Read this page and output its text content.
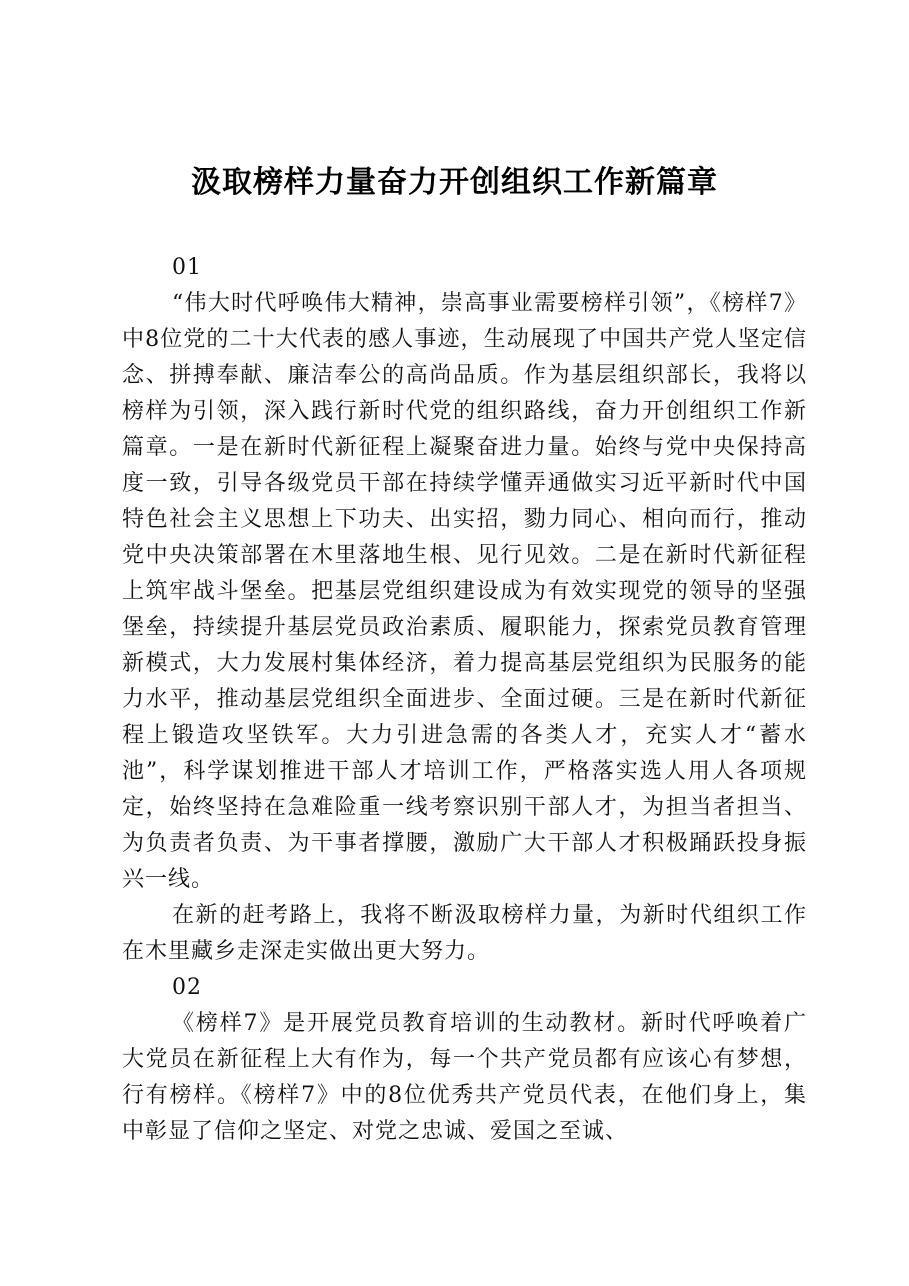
汲取榜样力量奋力开创组织工作新篇章

01

“伟大时代呼唤伟大精神，崇高事业需要榜样引领”，《榜样7》中8位党的二十大代表的感人事迹，生动展现了中国共产党人坚定信念、拼搏奉献、廉洁奉公的高尚品质。作为基层组织部长，我将以榜样为引领，深入践行新时代党的组织路线，奋力开创组织工作新篇章。一是在新时代新征程上凝聚奋进力量。始终与党中央保持高度一致，引导各级党员干部在持续学懂弄通做实习近平新时代中国特色社会主义思想上下功夫、出实招，勠力同心、相向而行，推动党中央决策部署在木里落地生根、见行见效。二是在新时代新征程上筑牢战斗堡垒。把基层党组织建设成为有效实现党的领导的坚强堡垒，持续提升基层党员政治素质、履职能力，探索党员教育管理新模式，大力发展村集体经济，着力提高基层党组织为民服务的能力水平，推动基层党组织全面进步、全面过硬。三是在新时代新征程上锻造攻坚铁军。大力引进急需的各类人才，充实人才“蓄水池”，科学谋划推进干部人才培训工作，严格落实选人用人各项规定，始终坚持在急难险重一线考察识别干部人才，为担当者担当、为负责者负责、为干事者撑腰，激励广大干部人才积极踊跃投身振兴一线。

在新的赶考路上，我将不断汲取榜样力量，为新时代组织工作在木里藏乡走深走实做出更大努力。

02

《榜样7》是开展党员教育培训的生动教材。新时代呼唤着广大党员在新征程上大有作为，每一个共产党员都有应该心有梦想，行有榜样。《榜样7》中的8位优秀共产党员代表，在他们身上，集中彰显了信仰之坚定、对党之忠诚、爱国之至诚、
